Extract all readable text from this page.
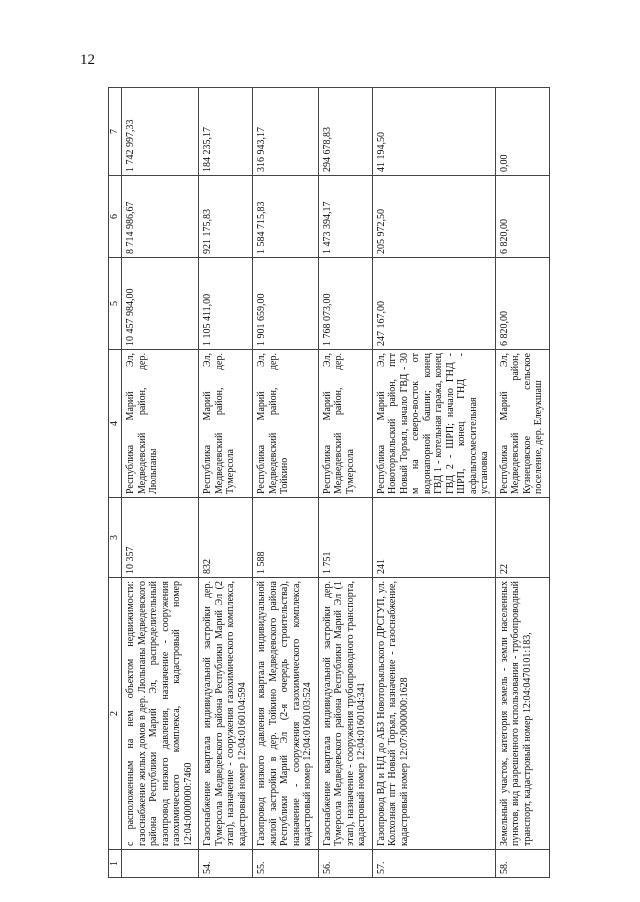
12
1	2	3	4	5	6	7
	с расположенным на нем объектом недвижимости: газоснабжение жилых домов в дер. Люльпаны Медведевского района Республики Марий Эл, распределительный газопровод низкого давления, назначение - сооружения газохимического комплекса, кадастровый номер 12:04:0000000:7460	10 357	Республика Марий Эл, Медведевский район, дер. Люльпаны	10 457 984,00	8 714 986,67	1 742 997,33
54.	Газоснабжение квартала индивидуальной застройки дер. Тумерсола Медведевского района Республики Марий Эл (2 этап), назначение - сооружения газохимического комплекса, кадастровый номер 12:04:0160104:594	832	Республика Марий Эл, Медведевский район, дер. Тумерсола	1 105 411,00	921 175,83	184 235,17
55.	Газопровод низкого давления квартала индивидуальной жилой застройки в дер. Тойкино Медведевского района Республики Марий Эл (2-я очередь строительства), назначение - сооружения газохимического комплекса, кадастровый номер 12:04:0160103:524	1 588	Республика Марий Эл, Медведевский район, дер. Тойкино	1 901 659,00	1 584 715,83	316 943,17
56.	Газоснабжение квартала индивидуальной застройки дер. Тумерсола Медведевского района Республики Марий Эл (1 этап), назначение - сооружения трубопроводного транспорта, кадастровый номер 12:04:0160104:341	1 751	Республика Марий Эл, Медведевский район, дер. Тумерсола	1 768 073,00	1 473 394,17	294 678,83
57.	Газопровод ВД и НД до АБЗ Новоторъяльского ДРСГУП, ул. Колхозная пгт Новый Торъял, назначение - газоснабжение, кадастровый номер 12:07:0000000:1628	241	Республика Марий Эл, Новоторъяльский район, пгт Новый Торъял, начало ГВД - 30 м на северо-восток от водонапорной башни; конец ГВД 1 - котельная гаража, конец ГВД 2 - ШРП; начало ГНД - ШРП, конец ГНД - асфальтосмесительная установка	247 167,00	205 972,50	41 194,50
58.	Земельный участок, категория земель - земли населенных пунктов, вид разрешенного использования - трубопроводный транспорт, кадастровый номер 12:04:0470101:183,	22	Республика Марий Эл, Медведевский район, Кузнецовское сельское поселение, дер. Елеукшаш	6 820,00	6 820,00	0,00
